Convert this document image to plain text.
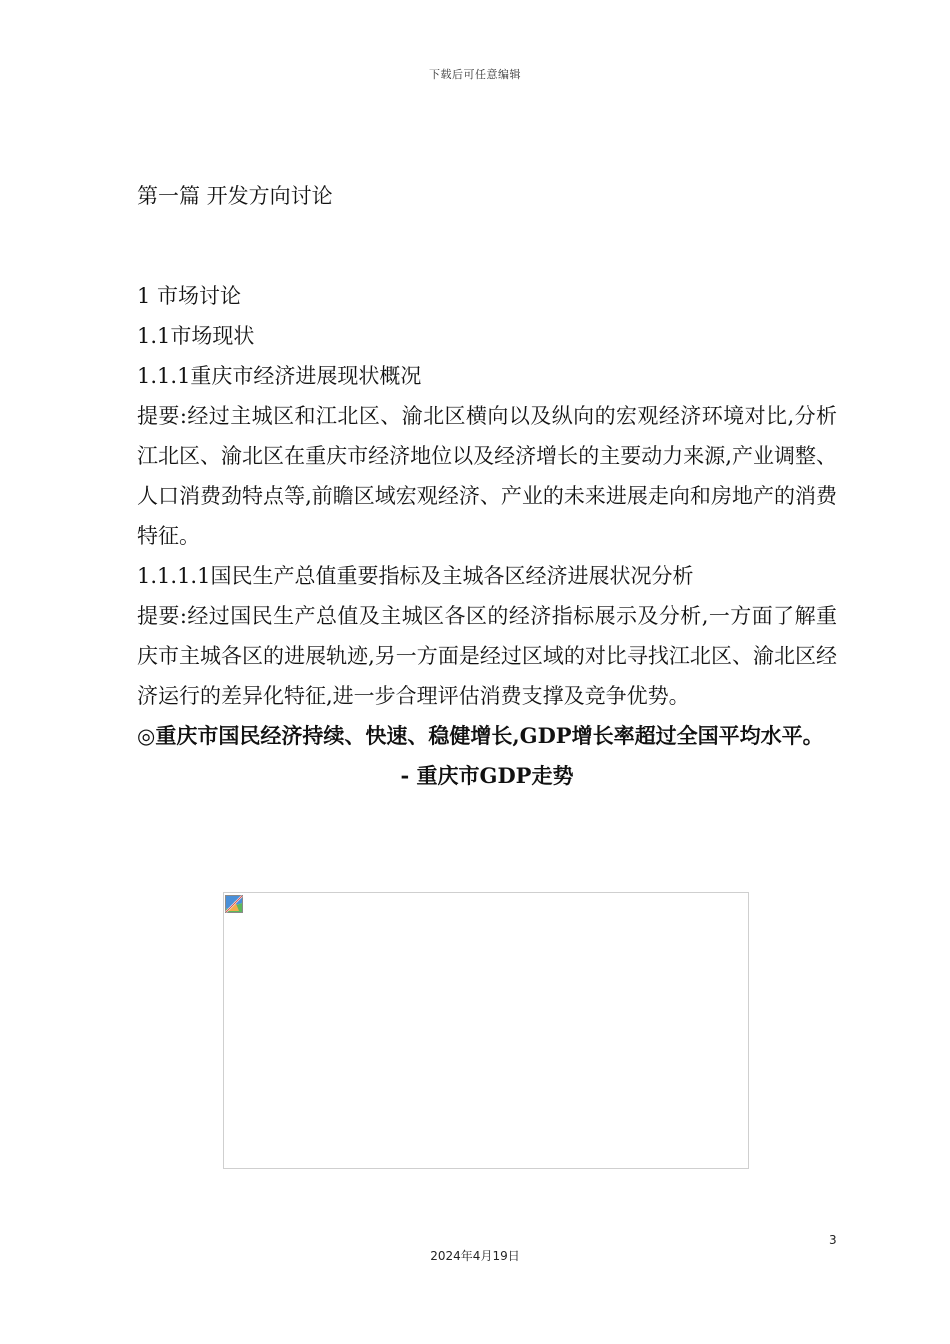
下载后可任意编辑

第一篇 开发方向讨论

1 市场讨论

1.1市场现状

1.1.1重庆市经济进展现状概况

提要:经过主城区和江北区、渝北区横向以及纵向的宏观经济环境对比,分析江北区、渝北区在重庆市经济地位以及经济增长的主要动力来源,产业调整、人口消费劲特点等,前瞻区域宏观经济、产业的未来进展走向和房地产的消费特征。

1.1.1.1国民生产总值重要指标及主城各区经济进展状况分析

提要:经过国民生产总值及主城区各区的经济指标展示及分析,一方面了解重庆市主城各区的进展轨迹,另一方面是经过区域的对比寻找江北区、渝北区经济运行的差异化特征,进一步合理评估消费支撑及竞争优势。

◎重庆市国民经济持续、快速、稳健增长,GDP增长率超过全国平均水平。

- 重庆市GDP走势

3
2024年4月19日
